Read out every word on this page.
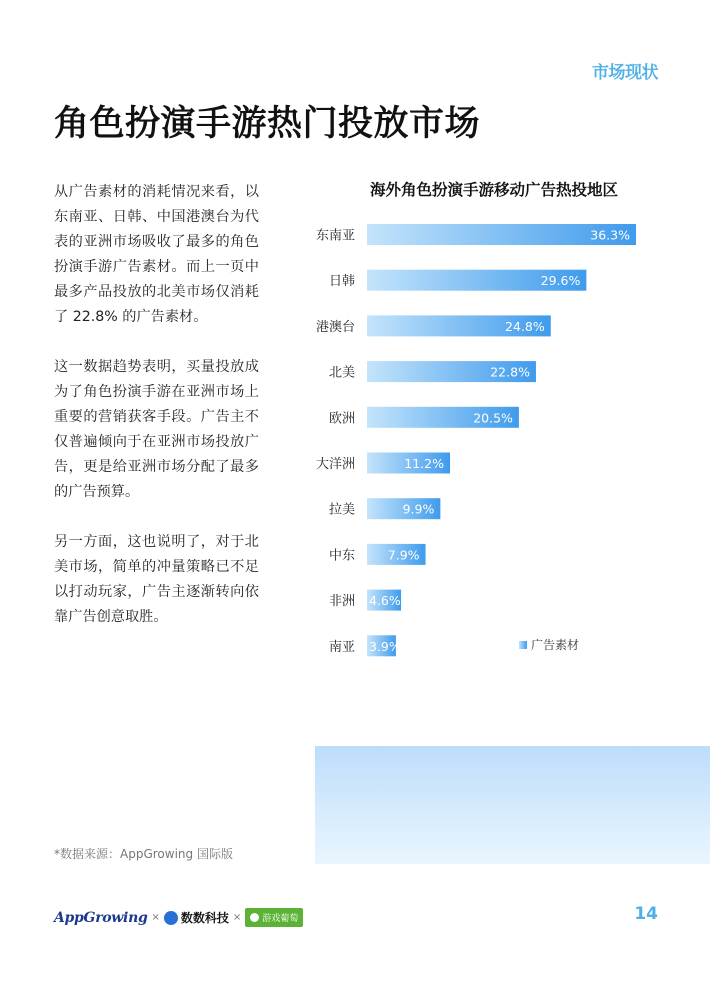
市场现状
角色扮演手游热门投放市场

从广告素材的消耗情况来看，以东南亚、日韩、中国港澳台为代表的亚洲市场吸收了最多的角色扮演手游广告素材。而上一页中最多产品投放的北美市场仅消耗了 22.8% 的广告素材。

这一数据趋势表明，买量投放成为了角色扮演手游在亚洲市场上重要的营销获客手段。广告主不仅普遍倾向于在亚洲市场投放广告，更是给亚洲市场分配了最多的广告预算。

另一方面，这也说明了，对于北美市场，简单的冲量策略已不足以打动玩家，广告主逐渐转向依靠广告创意取胜。

海外角色扮演手游移动广告热投地区
东南亚	36.3%
日韩	29.6%
港澳台	24.8%
北美	22.8%
欧洲	20.5%
大洋洲	11.2%
拉美	9.9%
中东	7.9%
非洲 4.6%
南亚 3.9%	广告素材
*数据来源：AppGrowing 国际版
AppGrowing × 数数科技 × 游戏葡萄	14
